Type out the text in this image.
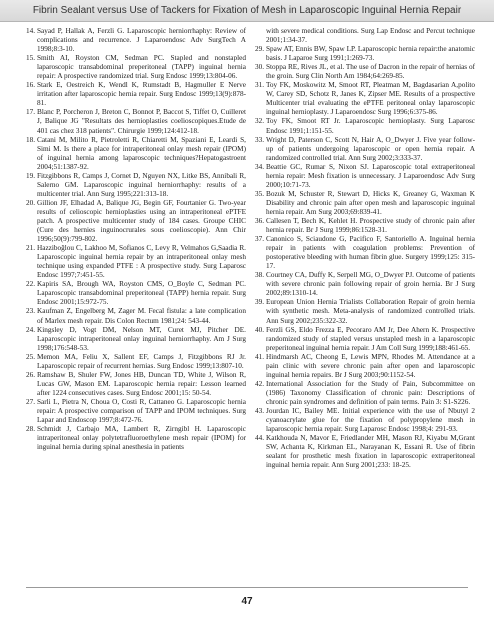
Fibrin Sealant versus Use of Tackers for Fixation of Mesh in Laparoscopic Inguinal Hernia Repair
14. Sayad P, Hallak A, Ferzli G. Laparoscopic herniorrhaphy: Review of complications and recurrence. J Laparoendosc Adv SurgTech A 1998;8:3-10.
15. Smith AI, Royston CM, Sedman PC. Stapled and nonstapled laparoscopic transabdominal preperitoneal (TAPP) inguinal hernia repair: A prospective randomized trial. Surg Endosc 1999;13:804-06.
16. Stark E, Oestreich K, Wendl K, Rumstadt B, Hagmuller E Nerve irritation after laparoscopic hernia repair. Surg Endosc 1999;13(9):878-81.
17. Blanc P, Porcheron J, Breton C, Bonnot P, Baccot S, Tiffet O, Cuilleret J, Balique JG "Resultats des hernioplasties coelioscopiques.Etude de 401 cas chez 318 patients". Chirurgie 1999;124:412-18.
18. Catani M, Milito R, Pietroletti R, Chiaretti M, Spaziani E, Leardi S, Simi M. Is there a place for intraperitoneal onlay mesh repair (IPOM) of inguinal hernia among laparoscopic techniques?Hepatogastroent 2004;51:1387-92.
19. Fitzgibbons R, Camps J, Cornet D, Nguyen NX, Litke BS, Annibali R, Salerno GM. Laparoscopic inguinal herniorrhaphy: results of a multicenter trial. Ann Surg 1995;221:313-18.
20. Gillion JF, Elhadad A, Balique JG, Begin GF, Fourtanier G. Two-year results of celioscopic hernioplasties using an intraperitoneal ePTFE patch. A prospective multicenter study of 184 cases. Groupe CHIC (Cure des hernies inguinocrurales sous coelioscopie). Ann Chir 1996;50(9):799-802.
21. Hazziboğlou C, Lakhoo M, Sofianos C, Levy R, Velmahos G,Saadia R. Laparoscopic inguinal hernia repair by an intraperitoneal onlay mesh technique using expanded PTFE : A prospective study. Surg Laparosc Endosc 1997;7:451-55.
22. Kapiris SA, Brough WA, Royston CMS, O_Boyle C, Sedman PC. Laparoscopic transabdominal preperitoneal (TAPP) hernia repair. Surg Endosc 2001;15:972-75.
23. Kaufman Z, Engelberg M, Zager M. Fecal fistula: a late complication of Marlex mesh repair. Dis Colon Rectum 1981;24: 543-44.
24. Kingsley D, Vogt DM, Nelson MT, Curet MJ, Pitcher DE. Laparoscopic intraperitoneal onlay inguinal herniorrhaphy. Am J Surg 1998;176:548-53.
25. Memon MA, Feliu X, Sallent EF, Camps J, Fitzgibbons RJ Jr. Laparoscopic repair of recurrent hernias. Surg Endosc 1999;13:807-10.
26. Ramshaw B, Shuler FW, Jones HB, Duncan TD, White J, Wilson R, Lucas GW, Mason EM. Laparoscopic hernia repair: Lesson learned after 1224 consecutives cases. Surg Endosc 2001;15: 50-54.
27. Sarli L, Pietra N, Choua O, Costi R, Cattaneo G. Laparoscopic hernia repair: A prospective comparison of TAPP and IPOM techniques. Surg Lapar and Endoscop 1997;8:472-76.
28. Schmidt J, Carbajo MA, Lambert R, Zirngibl H. Laparoscopic intraperitoneal onlay polytetrafluoroethylene mesh repair (IPOM) for inguinal hernia during spinal anesthesia in patients
with severe medical conditions. Surg Lap Endosc and Percut technique 2001;1:34-37.
29. Spaw AT, Ennis BW, Spaw LP. Laparoscopic hernia repair:the anatomic basis. J Laparoe Surg 1991;1:269-73.
30. Stoppa RE, Rives JL, et al. The use of Dacron in the repair of hernias of the groin. Surg Clin North Am 1984;64:269-85.
31. Toy FK, Moskowitz M, Smoot RT, Pleatman M, Bagdasarian A,polito W, Carey SD, Schotz R, Janes K, Zipser ME. Results of a prospective Multicenter trial evaluating the ePTFE peritoneal onlay laparoscopic inguinal hernioplasty. J Laparoendosc Surg 1996;6:375-86.
32. Toy FK, Smoot RT Jr. Laparoscopic hernioplasty. Surg Laparosc Endosc 1991;1:151-55.
33. Wright D, Paterson C, Scott N, Hair A, O_Dwyer J. Five year follow-up of patients undergoing laparoscopic or open hernia repair. A randomized controlled trial. Ann Surg 2002;3:333-37.
34. Beattie GC, Rumar S, Nixon SJ. Laparoscopic total extraperitoneal hernia repair: Mesh fixation is unnecessary. J Laparoendosc Adv Surg 2000;10:71-73.
35. Bozuk M, Schuster R, Stewart D, Hicks K, Greaney G, Waxman K Disability and chronic pain after open mesh and laparoscopic inguinal hernia repair. Am Surg 2003;69:839-41.
36. Callesen T, Bech K, Kehlet H. Prospective study of chronic pain after hernia repair. Br J Surg 1999;86:1528-31.
37. Canonico S, Sciaudone G, Pacifico F, Santoriello A. Inguinal hernia repair in patients with coagulation problems: Prevention of postoperative bleeding with human fibrin glue. Surgery 1999;125: 315-17.
38. Courtney CA, Duffy K, Serpell MG, O_Dwyer PJ. Outcome of patients with severe chronic pain following repair of groin hernia. Br J Surg 2002;89:1310-14.
39. European Union Hernia Trialists Collaboration Repair of groin hernia with synthetic mesh. Meta-analysis of randomized controlled trials. Ann Surg 2002;235:322-32.
40. Ferzli GS, Eldo Frezza E, Pecoraro AM Jr, Dee Ahern K. Prospective randomized study of stapled versus unstapled mesh in a laparoscopic preperitoneal inguinal hernia repair. J Am Coll Surg 1999;188:461-65.
41. Hindmarsh AC, Cheong E, Lewis MPN, Rhodes M. Attendance at a pain clinic with severe chronic pain after open and laparoscopic inguinal hernia repairs. Br J Surg 2003;90:1152-54.
42. International Association for the Study of Pain, Subcommittee on (1986) Taxonomy Classification of chronic pain: Descriptions of chronic pain syndromes and definition of pain terms. Pain 3: S1-S226.
43. Jourdan IC, Bailey ME. Initial experience with the use of Nbutyl 2 cyanoacrylate glue for the fixation of polypropylene mesh in laparoscopic hernia repair. Surg Laparosc Endosc 1998;4: 291-93.
44. Katkhouda N, Mavor E, Friedlander MH, Mason RJ, Kiyabu M,Grant SW, Achanta K, Kirkman EL, Narayanan K, Essani R. Use of fibrin sealant for prosthetic mesh fixation in laparoscopic extraperitoneal inguinal hernia repair. Ann Surg 2001;233: 18-25.
47
